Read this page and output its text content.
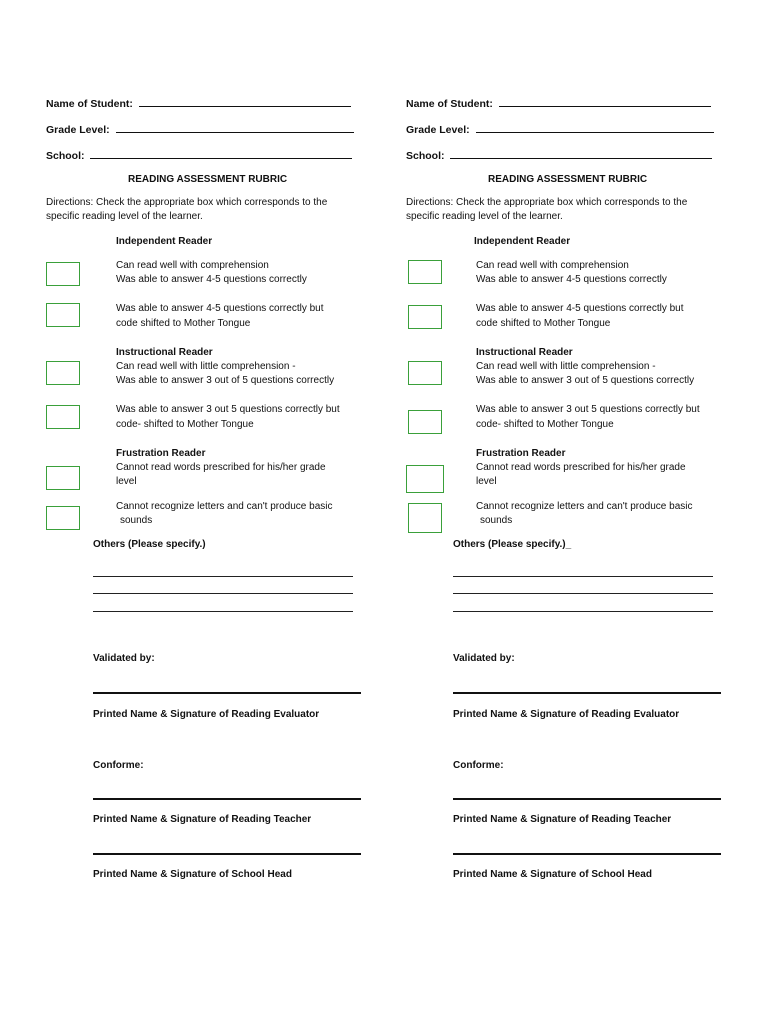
Name of Student:
Grade Level:
School:
READING ASSESSMENT RUBRIC
Directions: Check the appropriate box which corresponds to the
specific reading level of the learner.
Independent Reader
Can read well with comprehension
Was able to answer 4-5 questions correctly
Was able to answer 4-5 questions correctly but
code shifted to Mother Tongue
Instructional Reader
Can read well with little comprehension -
Was able to answer 3 out of 5 questions correctly
Was able to answer 3 out 5 questions correctly but
code- shifted to Mother Tongue
Frustration Reader
Cannot read words prescribed for his/her grade
level
Cannot recognize letters and can't produce basic
sounds
Others (Please specify.)
Validated by:
Printed Name & Signature of Reading Evaluator
Conforme:
Printed Name & Signature of Reading Teacher
Printed Name & Signature of School Head
Name of Student:
Grade Level:
School:
READING ASSESSMENT RUBRIC
Directions: Check the appropriate box which corresponds to the
specific reading level of the learner.
Independent Reader
Can read well with comprehension
Was able to answer 4-5 questions correctly
Was able to answer 4-5 questions correctly but
code shifted to Mother Tongue
Instructional Reader
Can read well with little comprehension -
Was able to answer 3 out of 5 questions correctly
Was able to answer 3 out 5 questions correctly but
code- shifted to Mother Tongue
Frustration Reader
Cannot read words prescribed for his/her grade
level
Cannot recognize letters and can't produce basic
sounds
Others (Please specify.)_
Validated by:
Printed Name & Signature of Reading Evaluator
Conforme:
Printed Name & Signature of Reading Teacher
Printed Name & Signature of School Head
